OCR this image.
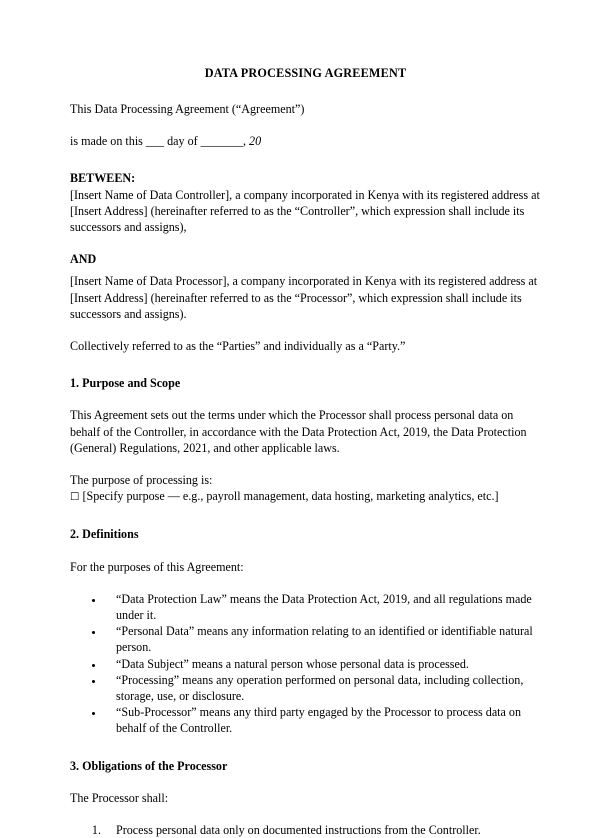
DATA PROCESSING AGREEMENT

This Data Processing Agreement (“Agreement”)

is made on this ___ day of _______, 20

BETWEEN:

[Insert Name of Data Controller], a company incorporated in Kenya with its registered address at [Insert Address] (hereinafter referred to as the “Controller”, which expression shall include its successors and assigns),

AND

[Insert Name of Data Processor], a company incorporated in Kenya with its registered address at [Insert Address] (hereinafter referred to as the “Processor”, which expression shall include its successors and assigns).

Collectively referred to as the “Parties” and individually as a “Party.”

1. Purpose and Scope

This Agreement sets out the terms under which the Processor shall process personal data on behalf of the Controller, in accordance with the Data Protection Act, 2019, the Data Protection (General) Regulations, 2021, and other applicable laws.

The purpose of processing is:

☐ [Specify purpose — e.g., payroll management, data hosting, marketing analytics, etc.]

2. Definitions

For the purposes of this Agreement:

• “Data Protection Law” means the Data Protection Act, 2019, and all regulations made under it.
• “Personal Data” means any information relating to an identified or identifiable natural person.
• “Data Subject” means a natural person whose personal data is processed.
• “Processing” means any operation performed on personal data, including collection, storage, use, or disclosure.
• “Sub-Processor” means any third party engaged by the Processor to process data on behalf of the Controller.

3. Obligations of the Processor

The Processor shall:

1. Process personal data only on documented instructions from the Controller.
